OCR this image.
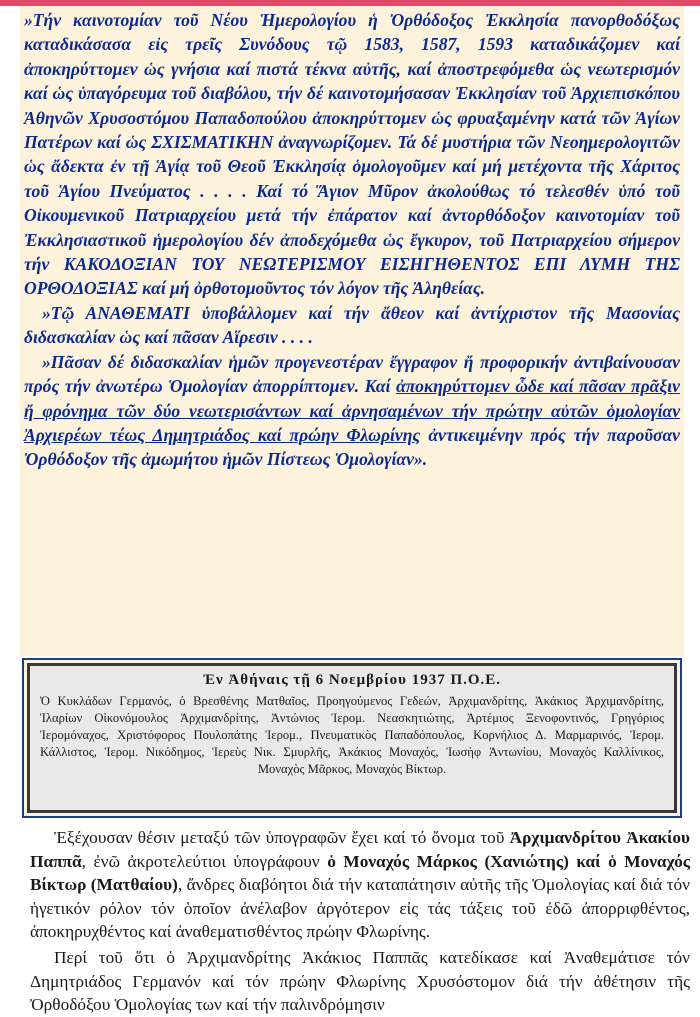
»Τήν καινοτομίαν τοῦ Νέου Ἡμερολογίου ἡ Ὀρθόδοξος Ἐκκλησία πανορθοδόξως καταδικάσασα εἰς τρεῖς Συνόδους τῷ 1583, 1587, 1593 καταδικάζομεν καί ἀποκηρύττομεν ὡς γνήσια καί πιστά τέκνα αὐτῆς, καί ἀποστρεφόμεθα ὡς νεωτερισμόν καί ὡς ὑπαγόρευμα τοῦ διαβόλου, τήν δέ καινοτομήσασαν Ἐκκλησίαν τοῦ Ἀρχιεπισκόπου Ἀθηνῶν Χρυσοστόμου Παπαδοπούλου ἀποκηρύττομεν ὡς φρυαξαμένην κατά τῶν Ἁγίων Πατέρων καί ὡς ΣΧΙΣΜΑΤΙΚΗΝ ἀναγνωρίζομεν. Τά δέ μυστήρια τῶν Νεοημερολογιτῶν ὡς ἄδεκτα ἐν τῇ Ἁγίᾳ τοῦ Θεοῦ Ἐκκλησίᾳ ὁμολογοῦμεν καί μή μετέχοντα τῆς Χάριτος τοῦ Ἁγίου Πνεύματος . . . . Καί τό Ἅγιον Μῦρον ἀκολούθως τό τελεσθέν ὑπό τοῦ Οἰκουμενικοῦ Πατριαρχείου μετά τήν ἐπάρατον καί ἀντορθόδοξον καινοτομίαν τοῦ Ἐκκλησιαστικοῦ ἡμερολογίου δέν ἀποδεχόμεθα ὡς ἔγκυρον, τοῦ Πατριαρχείου σήμερον τήν ΚΑΚΟΔΟΞΙΑΝ ΤΟΥ ΝΕΩΤΕΡΙΣΜΟΥ ΕΙΣΗΓΗΘΕΝΤΟΣ ΕΠΙ ΛΥΜΗ ΤΗΣ ΟΡΘΟΔΟΞΙΑΣ καί μή ὀρθοτομοῦντος τόν λόγον τῆς Ἀληθείας.

»Τῷ ΑΝΑΘΕΜΑΤΙ ὑποβάλλομεν καί τήν ἄθεον καί ἀντίχριστον τῆς Μασονίας διδασκαλίαν ὡς καί πᾶσαν Αἵρεσιν . . . .

»Πᾶσαν δέ διδασκαλίαν ἡμῶν προγενεστέραν ἔγγραφον ἤ προφορικήν ἀντιβαίνουσαν πρός τήν ἀνωτέρω Ὁμολογίαν ἀπορρίπτομεν. Καί ἀποκηρύττομεν ὧδε καί πᾶσαν πρᾶξιν ἤ φρόνημα τῶν δύο νεωτερισάντων καί ἀρνησαμένων τήν πρώτην αὐτῶν ὁμολογίαν Ἀρχιερέων τέως Δημητριάδος καί πρώην Φλωρίνης ἀντικειμένην πρός τήν παροῦσαν Ὀρθόδοξον τῆς ἀμωμήτου ἡμῶν Πίστεως Ὁμολογίαν».

Ἐν Ἀθήναις τῇ 6 Νοεμβρίου 1937 Π.Ο.Ε.

Ὁ Κυκλάδων Γερμανός, ὁ Βρεσθένης Ματθαῖος, Προηγούμενος Γεδεών, Ἀρχιμανδρίτης, Ἀκάκιος Ἀρχιμανδρίτης, Ἱλαρίων Οἰκονόμουλος Ἀρχιμανδρίτης, Ἀντώνιος Ἱερομ. Νεασκητιώτης, Ἀρτέμιος Ξενοφοντινός, Γρηγόριος Ἱερομόναχος, Χριστόφορος Πουλοπάτης Ἱερομ., Πνευματικὸς Παπαδόπουλος, Κορνήλιος Δ. Μαρμαρινός, Ἱερομ. Κάλλιστος, Ἱερομ. Νικόδημος, Ἱερεὺς Νικ. Σμυρλῆς, Ἀκάκιος Μοναχός, Ἰωσὴφ Ἀντωνίου, Μοναχὸς Καλλίνικος, Μοναχὸς Μᾶρκος, Μοναχὸς Βίκτωρ.

Ἐξέχουσαν θέσιν μεταξύ τῶν ὑπογραφῶν ἔχει καί τό ὄνομα τοῦ Ἀρχιμανδρίτου Ἀκακίου Παππᾶ, ἐνῶ ἀκροτελεύτιοι ὑπογράφουν ὁ Μοναχός Μάρκος (Χανιώτης) καί ὁ Μοναχός Βίκτωρ (Ματθαίου), ἄνδρες διαβόητοι διά τήν καταπάτησιν αὐτῆς τῆς Ὁμολογίας καί διά τόν ἡγετικόν ρόλον τόν ὁποῖον ἀνέλαβον ἀργότερον εἰς τάς τάξεις τοῦ ἐδῶ ἀπορριφθέντος, ἀποκηρυχθέντος καί ἀναθεματισθέντος πρώην Φλωρίνης.

Περί τοῦ ὅτι ὁ Ἀρχιμανδρίτης Ἀκάκιος Παππᾶς κατεδίκασε καί Ἀναθεμάτισε τόν Δημητριάδος Γερμανόν καί τόν πρώην Φλωρίνης Χρυσόστομον διά τήν ἀθέτησιν τῆς Ὀρθοδόξου Ὁμολογίας των καί τήν παλινδρόμησιν
